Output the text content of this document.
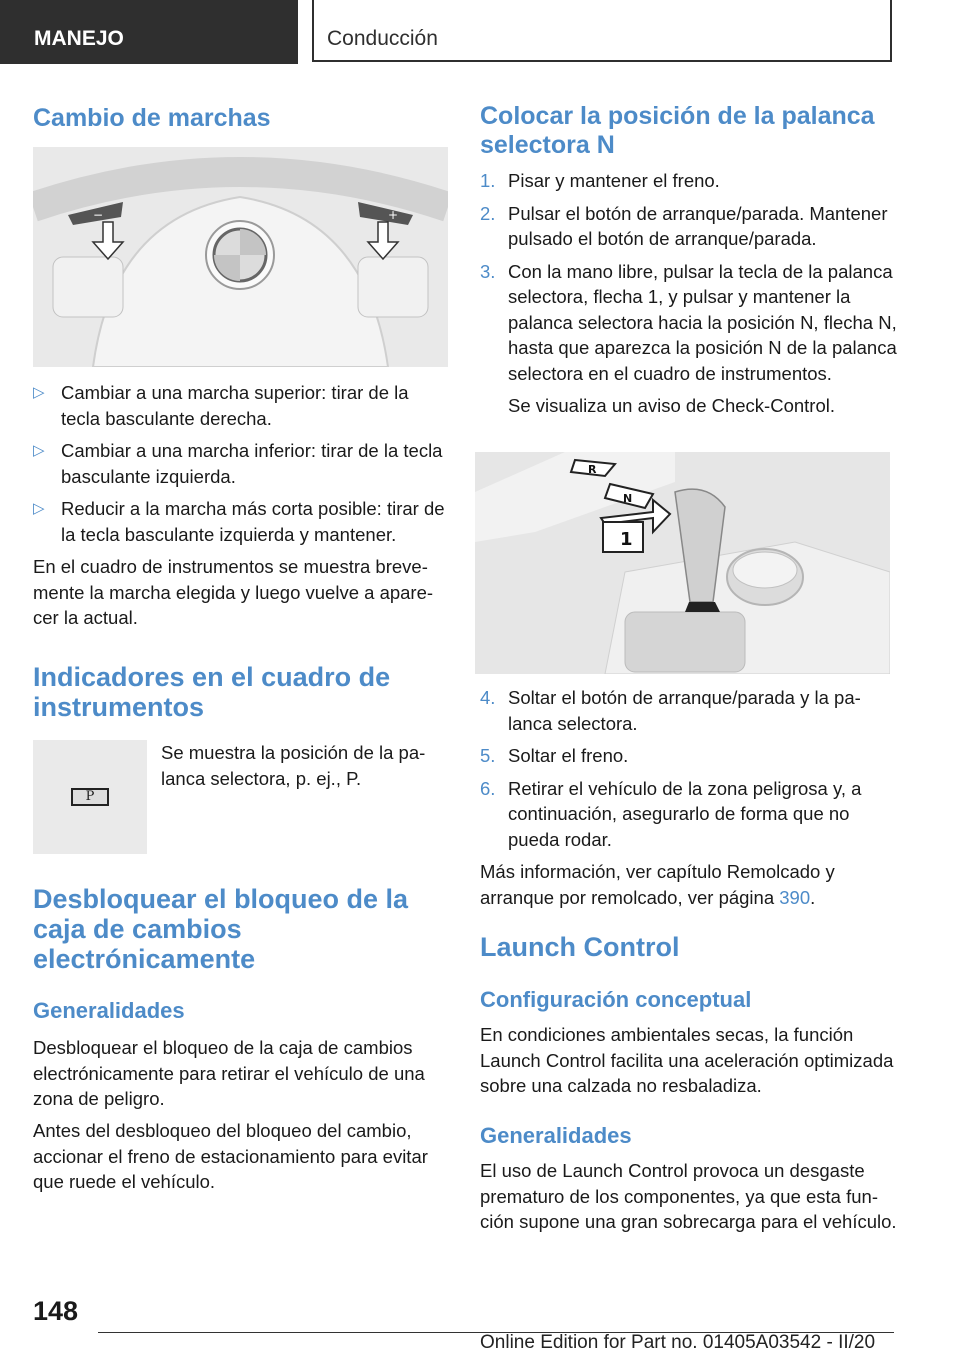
MANEJO	Conducción
Cambio de marchas
−	+
▷ Cambiar a una marcha superior: tirar de la tecla basculante derecha.
▷ Cambiar a una marcha inferior: tirar de la tecla basculante izquierda.
▷ Reducir a la marcha más corta posible: tirar de la tecla basculante izquierda y mantener.

En el cuadro de instrumentos se muestra brevemente la marcha elegida y luego vuelve a aparecer la actual.

Indicadores en el cuadro de instrumentos
P

Se muestra la posición de la palanca selectora, p. ej., P.

Desbloquear el bloqueo de la caja de cambios electrónicamente
Generalidades

Desbloquear el bloqueo de la caja de cambios electrónicamente para retirar el vehículo de una zona de peligro.

Antes del desbloqueo del bloqueo del cambio, accionar el freno de estacionamiento para evitar que ruede el vehículo.

Colocar la posición de la palanca selectora N
1. Pisar y mantener el freno.
2. Pulsar el botón de arranque/parada. Mantener pulsado el botón de arranque/parada.
3. Con la mano libre, pulsar la tecla de la palanca selectora, flecha 1, y pulsar y mantener la palanca selectora hacia la posición N, flecha N, hasta que aparezca la posición N de la palanca selectora en el cuadro de instrumentos.
Se visualiza un aviso de Check-Control.
R
N
1
4. Soltar el botón de arranque/parada y la palanca selectora.
5. Soltar el freno.
6. Retirar el vehículo de la zona peligrosa y, a continuación, asegurarlo de forma que no pueda rodar.

Más información, ver capítulo Remolcado y arranque por remolcado, ver página 390.

Launch Control
Configuración conceptual

En condiciones ambientales secas, la función Launch Control facilita una aceleración optimizada sobre una calzada no resbaladiza.

Generalidades

El uso de Launch Control provoca un desgaste prematuro de los componentes, ya que esta función supone una gran sobrecarga para el vehículo.

148
Online Edition for Part no. 01405A03542 - II/20
